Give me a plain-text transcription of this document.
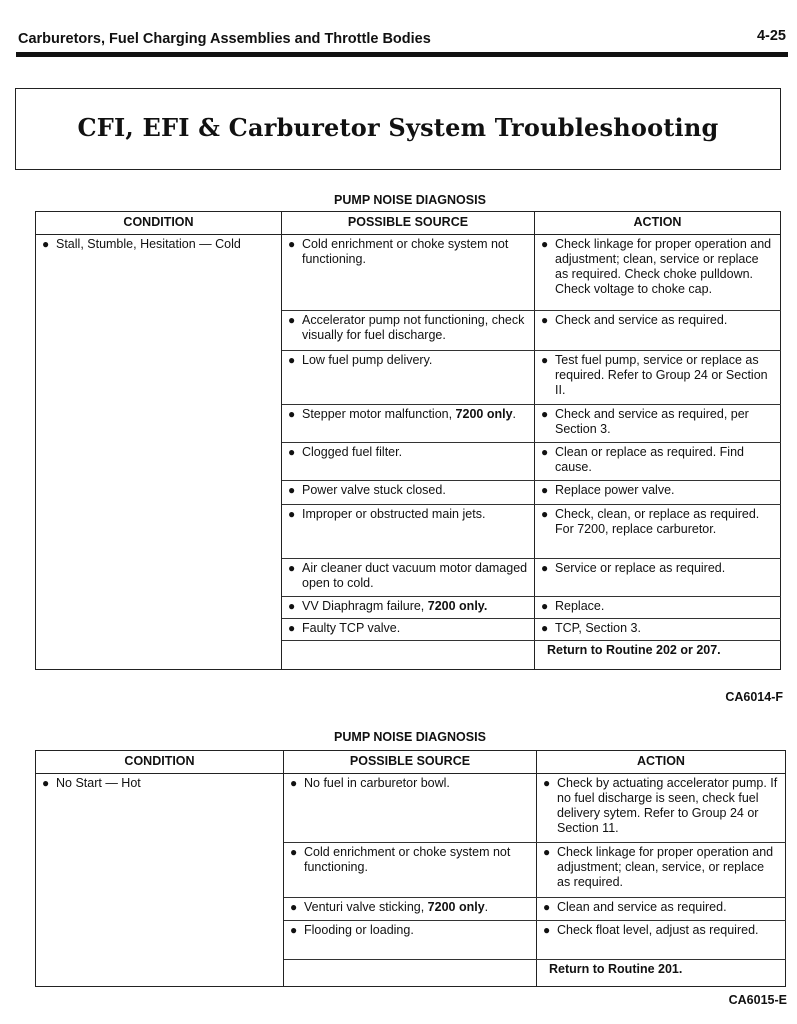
Carburetors, Fuel Charging Assemblies and Throttle Bodies	4-25
CFI, EFI & Carburetor System Troubleshooting
PUMP NOISE DIAGNOSIS
CONDITION	POSSIBLE SOURCE	ACTION

● Stall, Stumble, Hesitation — Cold	● Cold enrichment or choke system not functioning.	● Check linkage for proper operation and adjustment; clean, service or replace as required. Check choke pulldown. Check voltage to choke cap.

	● Accelerator pump not functioning, check visually for fuel discharge.	● Check and service as required.

	● Low fuel pump delivery.	● Test fuel pump, service or replace as required. Refer to Group 24 or Section II.

	● Stepper motor malfunction, 7200 only.	● Check and service as required, per Section 3.

	● Clogged fuel filter.	● Clean or replace as required. Find cause.

	● Power valve stuck closed.	● Replace power valve.

	● Improper or obstructed main jets.	● Check, clean, or replace as required. For 7200, replace carburetor.

	● Air cleaner duct vacuum motor damaged open to cold.	● Service or replace as required.

	● VV Diaphragm failure, 7200 only.	● Replace.

	● Faulty TCP valve.	● TCP, Section 3.

		Return to Routine 202 or 207.
CA6014-F
PUMP NOISE DIAGNOSIS
CONDITION	POSSIBLE SOURCE	ACTION

● No Start — Hot	● No fuel in carburetor bowl.	● Check by actuating accelerator pump. If no fuel discharge is seen, check fuel delivery sytem. Refer to Group 24 or Section 11.

	● Cold enrichment or choke system not functioning.	● Check linkage for proper operation and adjustment; clean, service, or replace as required.

	● Venturi valve sticking, 7200 only.	● Clean and service as required.

	● Flooding or loading.	● Check float level, adjust as required.

		Return to Routine 201.
CA6015-E
